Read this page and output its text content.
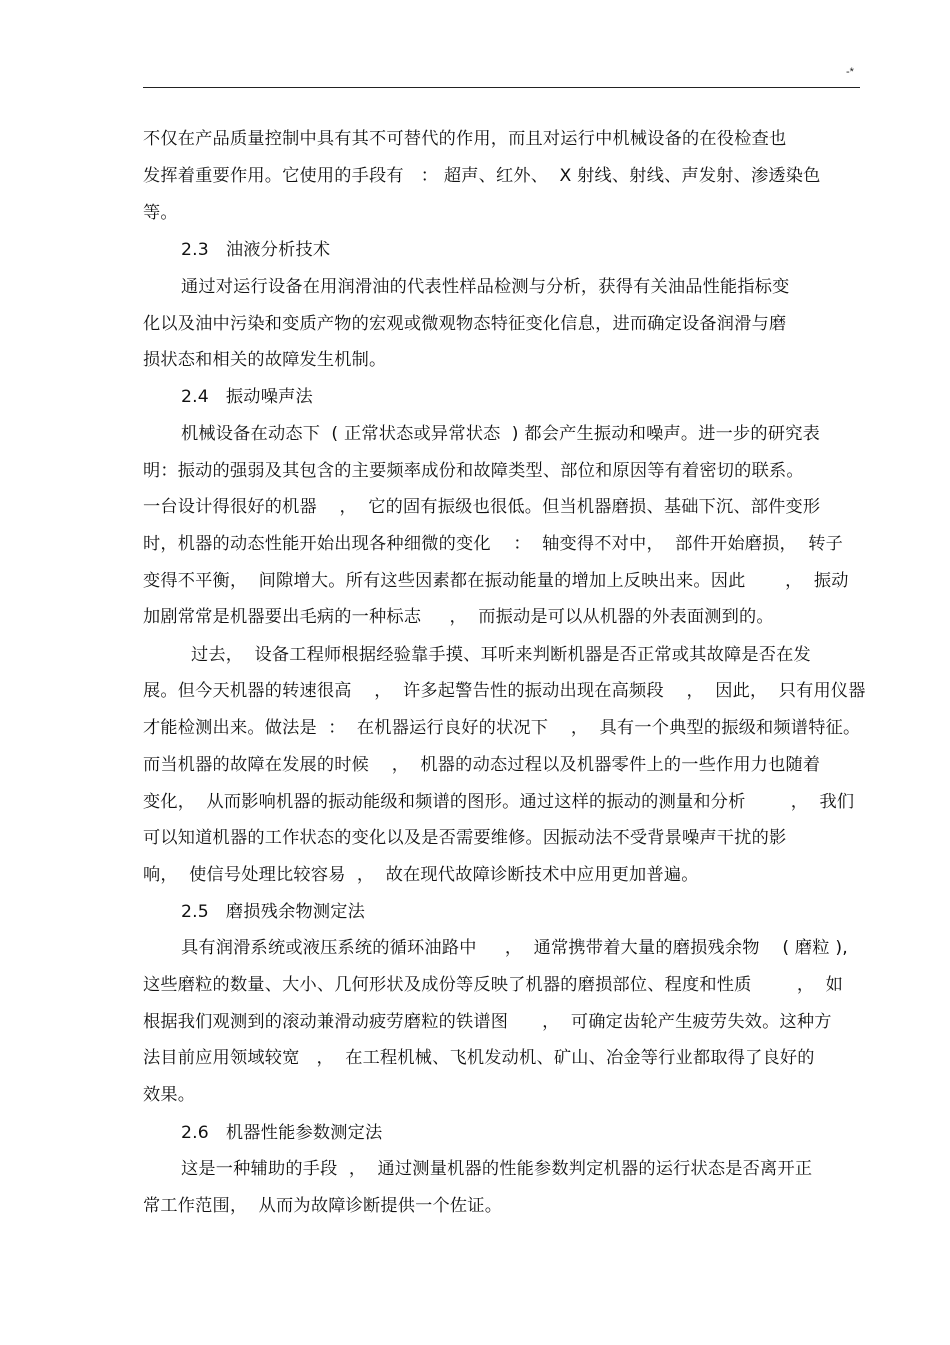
-*
不仅在产品质量控制中具有其不可替代的作用，而且对运行中机械设备的在役检查也
发挥着重要作用。它使用的手段有   ： 超声、红外、  X 射线、射线、声发射、渗透染色
等。
2.3   油液分析技术
通过对运行设备在用润滑油的代表性样品检测与分析，获得有关油品性能指标变
化以及油中污染和变质产物的宏观或微观物态特征变化信息，进而确定设备润滑与磨
损状态和相关的故障发生机制。
2.4   振动噪声法
机械设备在动态下  ( 正常状态或异常状态  ) 都会产生振动和噪声。进一步的研究表
明：振动的强弱及其包含的主要频率成份和故障类型、部位和原因等有着密切的联系。
一台设计得很好的机器    ，  它的固有振级也很低。但当机器磨损、基础下沉、部件变形
时，机器的动态性能开始出现各种细微的变化    ：  轴变得不对中，  部件开始磨损，  转子
变得不平衡，  间隙增大。所有这些因素都在振动能量的增加上反映出来。因此       ，  振动
加剧常常是机器要出毛病的一种标志     ，  而振动是可以从机器的外表面测到的。
过去，  设备工程师根据经验靠手摸、耳听来判断机器是否正常或其故障是否在发
展。但今天机器的转速很高    ，  许多起警告性的振动出现在高频段    ，  因此，  只有用仪器
才能检测出来。做法是  ：  在机器运行良好的状况下    ，  具有一个典型的振级和频谱特征。
而当机器的故障在发展的时候    ，  机器的动态过程以及机器零件上的一些作用力也随着
变化，  从而影响机器的振动能级和频谱的图形。通过这样的振动的测量和分析        ，  我们
可以知道机器的工作状态的变化以及是否需要维修。因振动法不受背景噪声干扰的影
响，  使信号处理比较容易  ，  故在现代故障诊断技术中应用更加普遍。
2.5   磨损残余物测定法
具有润滑系统或液压系统的循环油路中     ，  通常携带着大量的磨损残余物    ( 磨粒 ),
这些磨粒的数量、大小、几何形状及成份等反映了机器的磨损部位、程度和性质        ，  如
根据我们观测到的滚动兼滑动疲劳磨粒的铁谱图      ，  可确定齿轮产生疲劳失效。这种方
法目前应用领域较宽   ，  在工程机械、飞机发动机、矿山、冶金等行业都取得了良好的
效果。
2.6   机器性能参数测定法
这是一种辅助的手段  ，  通过测量机器的性能参数判定机器的运行状态是否离开正
常工作范围，  从而为故障诊断提供一个佐证。
